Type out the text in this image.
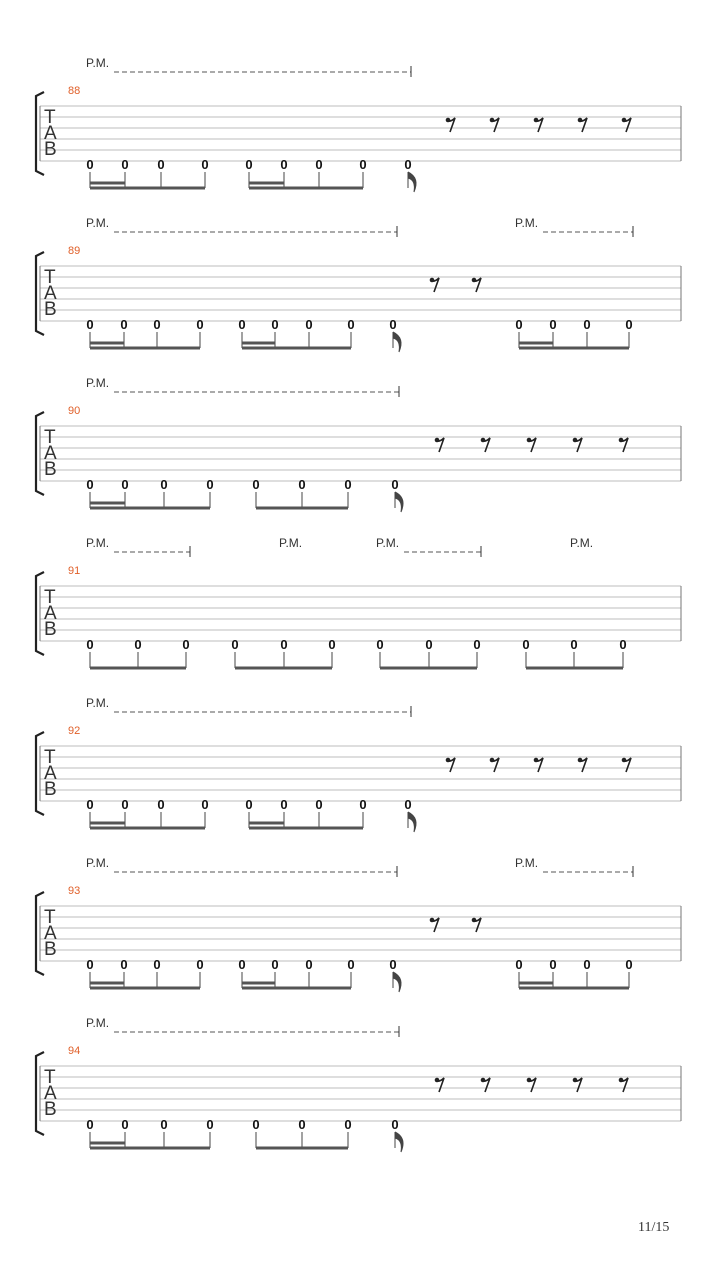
T
A
B
88
P.M.
0 0 0	0	0 0 0	0	0
T
A
B
89
P.M.	P.M.
0 0 0	0	0 0 0	0	0	0 0 0	0
T
A
B
90
P.M.
0 0 0	0	0	0	0	0
T
A
B
91
P.M.	P.M.	P.M.	P.M.
0	0	0	0	0	0	0	0	0	0	0	0
T
A
B
92
P.M.
0 0 0	0	0 0 0	0	0
T
A
B
93
P.M.	P.M.
0 0 0	0	0 0 0	0	0	0 0 0	0
T
A
B
94
P.M.
0 0 0	0	0	0	0	0
11/15
